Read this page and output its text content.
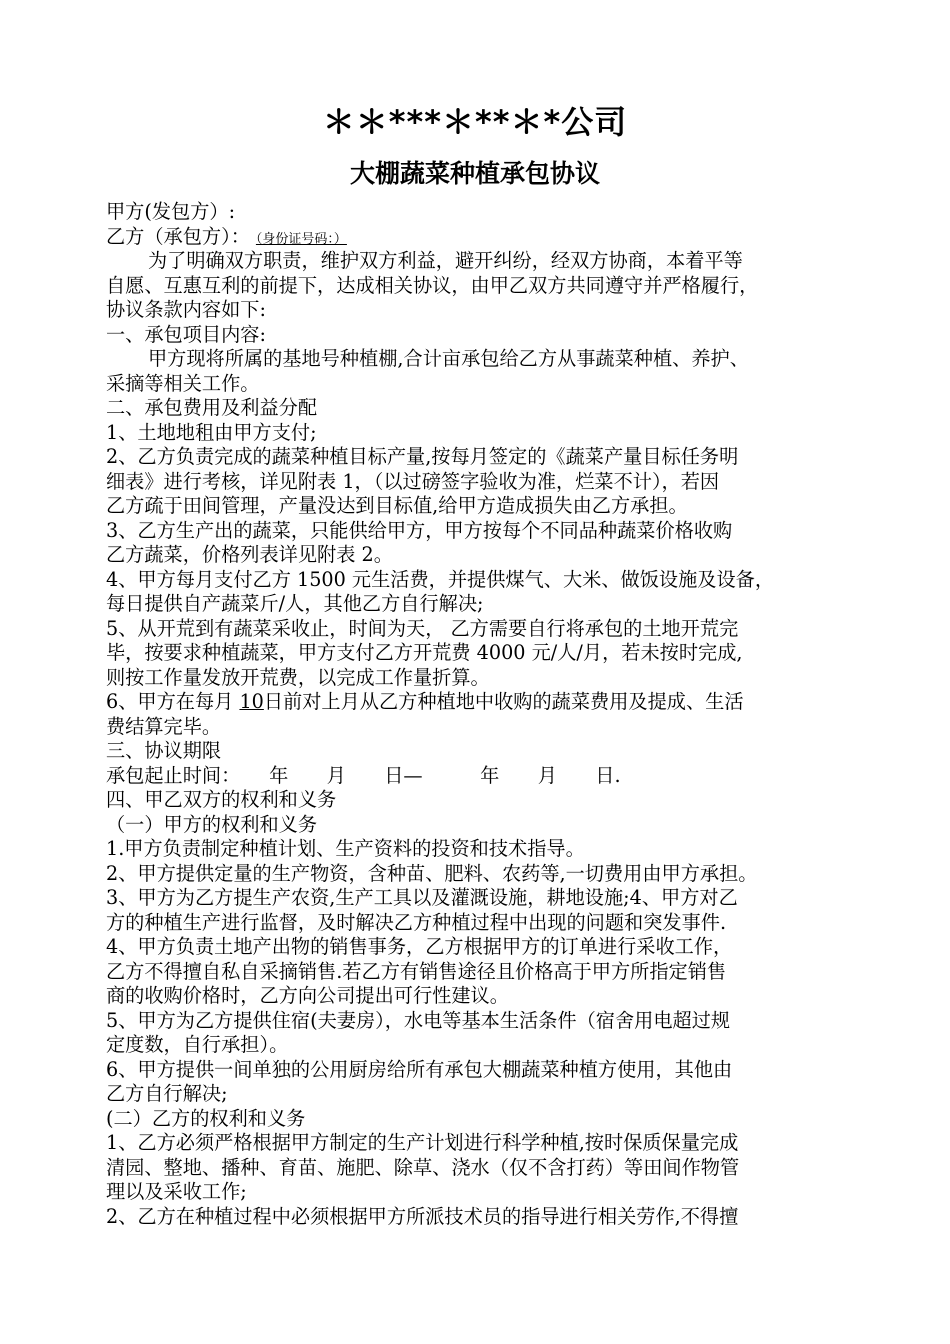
＊＊***＊**＊*公司
大棚蔬菜种植承包协议
甲方(发包方）:
乙方（承包方）： （身份证号码：）
为了明确双方职责，维护双方利益，避开纠纷，经双方协商，本着平等
自愿、互惠互利的前提下，达成相关协议，由甲乙双方共同遵守并严格履行，
协议条款内容如下:
一、承包项目内容:
甲方现将所属的基地号种植棚,合计亩承包给乙方从事蔬菜种植、养护、
采摘等相关工作。
二、承包费用及利益分配
1、土地地租由甲方支付;
2、乙方负责完成的蔬菜种植目标产量,按每月签定的《蔬菜产量目标任务明
细表》进行考核，详见附表 1，（以过磅签字验收为准，烂菜不计），若因
乙方疏于田间管理，产量没达到目标值,给甲方造成损失由乙方承担。
3、乙方生产出的蔬菜，只能供给甲方，甲方按每个不同品种蔬菜价格收购
乙方蔬菜，价格列表详见附表 2。
4、甲方每月支付乙方 1500 元生活费，并提供煤气、大米、做饭设施及设备，
每日提供自产蔬菜斤/人，其他乙方自行解决;
5、从开荒到有蔬菜采收止，时间为天， 乙方需要自行将承包的土地开荒完
毕，按要求种植蔬菜，甲方支付乙方开荒费 4000 元/人/月，若未按时完成,
则按工作量发放开荒费，以完成工作量折算。
6、甲方在每月 10日前对上月从乙方种植地中收购的蔬菜费用及提成、生活
费结算完毕。
三、协议期限
承包起止时间：　　年　　月　　日—　　　年　　月　　日.
四、甲乙双方的权利和义务
（一）甲方的权利和义务
1.甲方负责制定种植计划、生产资料的投资和技术指导。
2、甲方提供定量的生产物资，含种苗、肥料、农药等,一切费用由甲方承担。
3、甲方为乙方提生产农资,生产工具以及灌溉设施，耕地设施;4、甲方对乙
方的种植生产进行监督，及时解决乙方种植过程中出现的问题和突发事件.
4、甲方负责土地产出物的销售事务，乙方根据甲方的订单进行采收工作，
乙方不得擅自私自采摘销售.若乙方有销售途径且价格高于甲方所指定销售
商的收购价格时，乙方向公司提出可行性建议。
5、甲方为乙方提供住宿(夫妻房），水电等基本生活条件（宿舍用电超过规
定度数，自行承担）。
6、甲方提供一间单独的公用厨房给所有承包大棚蔬菜种植方使用，其他由
乙方自行解决;
(二）乙方的权利和义务
1、乙方必须严格根据甲方制定的生产计划进行科学种植,按时保质保量完成
清园、整地、播种、育苗、施肥、除草、浇水（仅不含打药）等田间作物管
理以及采收工作;
2、乙方在种植过程中必须根据甲方所派技术员的指导进行相关劳作,不得擅
